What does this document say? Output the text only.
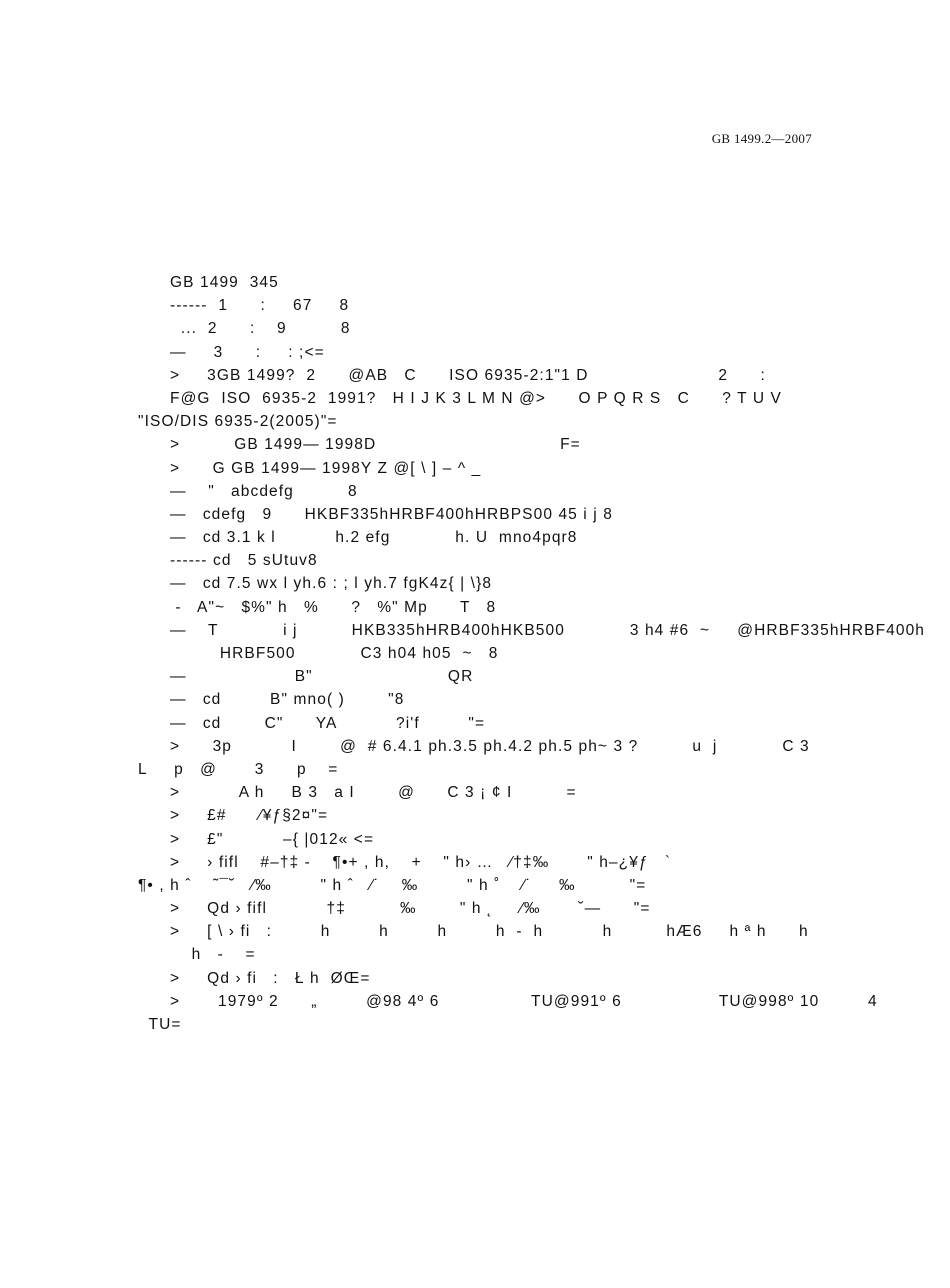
GB 1499.2—2007
GB 1499  345
------  1      :     67     8
...  2      :    9          8
—     3      :     : ;<=
>     3GB 1499?  2      @AB   C      ISO 6935-2:1"1 D                        2      :
F@G  ISO  6935-2  1991?   H I J K 3 L M N @>      O P Q R S   C      ? T U V
"ISO/DIS 6935-2(2005)"=
>          GB 1499— 1998D                                  F=
>      G GB 1499— 1998Y Z @[ \ ] – ^ _
—    "   abcdefg          8
—   cdefg   9      HKBF335hHRBF400hHRBPS00 45 i j 8
—   cd 3.1 k l           h.2 efg            h. U  mno4pqr8
------ cd   5 sUtuv8
—   cd 7.5 wx l yh.6 : ; l yh.7 fgK4z{ | \}8
-   A"~   $%" h   %      ?   %" Mp      T   8
—    T            i j          HKB335hHRB400hHKB500            3 h4 #6  ~     @HRBF335hHRBF400h
HRBF500            C3 h04 h05  ~   8
—                    B"                         QR
—   cd         B" mno( )        "8
—   cd        C"      YA           ?i'f         "=
>      3p           I        @  # 6.4.1 ph.3.5 ph.4.2 ph.5 ph~ 3 ?          u  j            C 3
L     p   @       3      p    =
>           A h     B 3   a I        @      C 3 ¡ ¢ I          =
>     £#      ⁄¥ƒ§2¤"=
>     £"           –{ |012« <=
>     › fifl    #–†‡ -    ¶•+ , h,    +    " h› …   ⁄†‡‰       " h–¿¥ƒ   `
¶• , h ˆ    ˜¯˘   ⁄‰         " h ˆ   ⁄˙    ‰         " h ˚    ⁄˙     ‰          "=
>     Qd › fifl           †‡          ‰        " h ˛     ⁄‰       ˘—      "=
>     [ \ › fi   :         h         h         h         h  -  h           h          hÆ6     h ª h      h
h   -    =
>     Qd › fi   :   Ł h  ØŒ=
>       1979º 2      „         @98 4º 6                 TU@991º 6                  TU@998º 10         4
TU=
